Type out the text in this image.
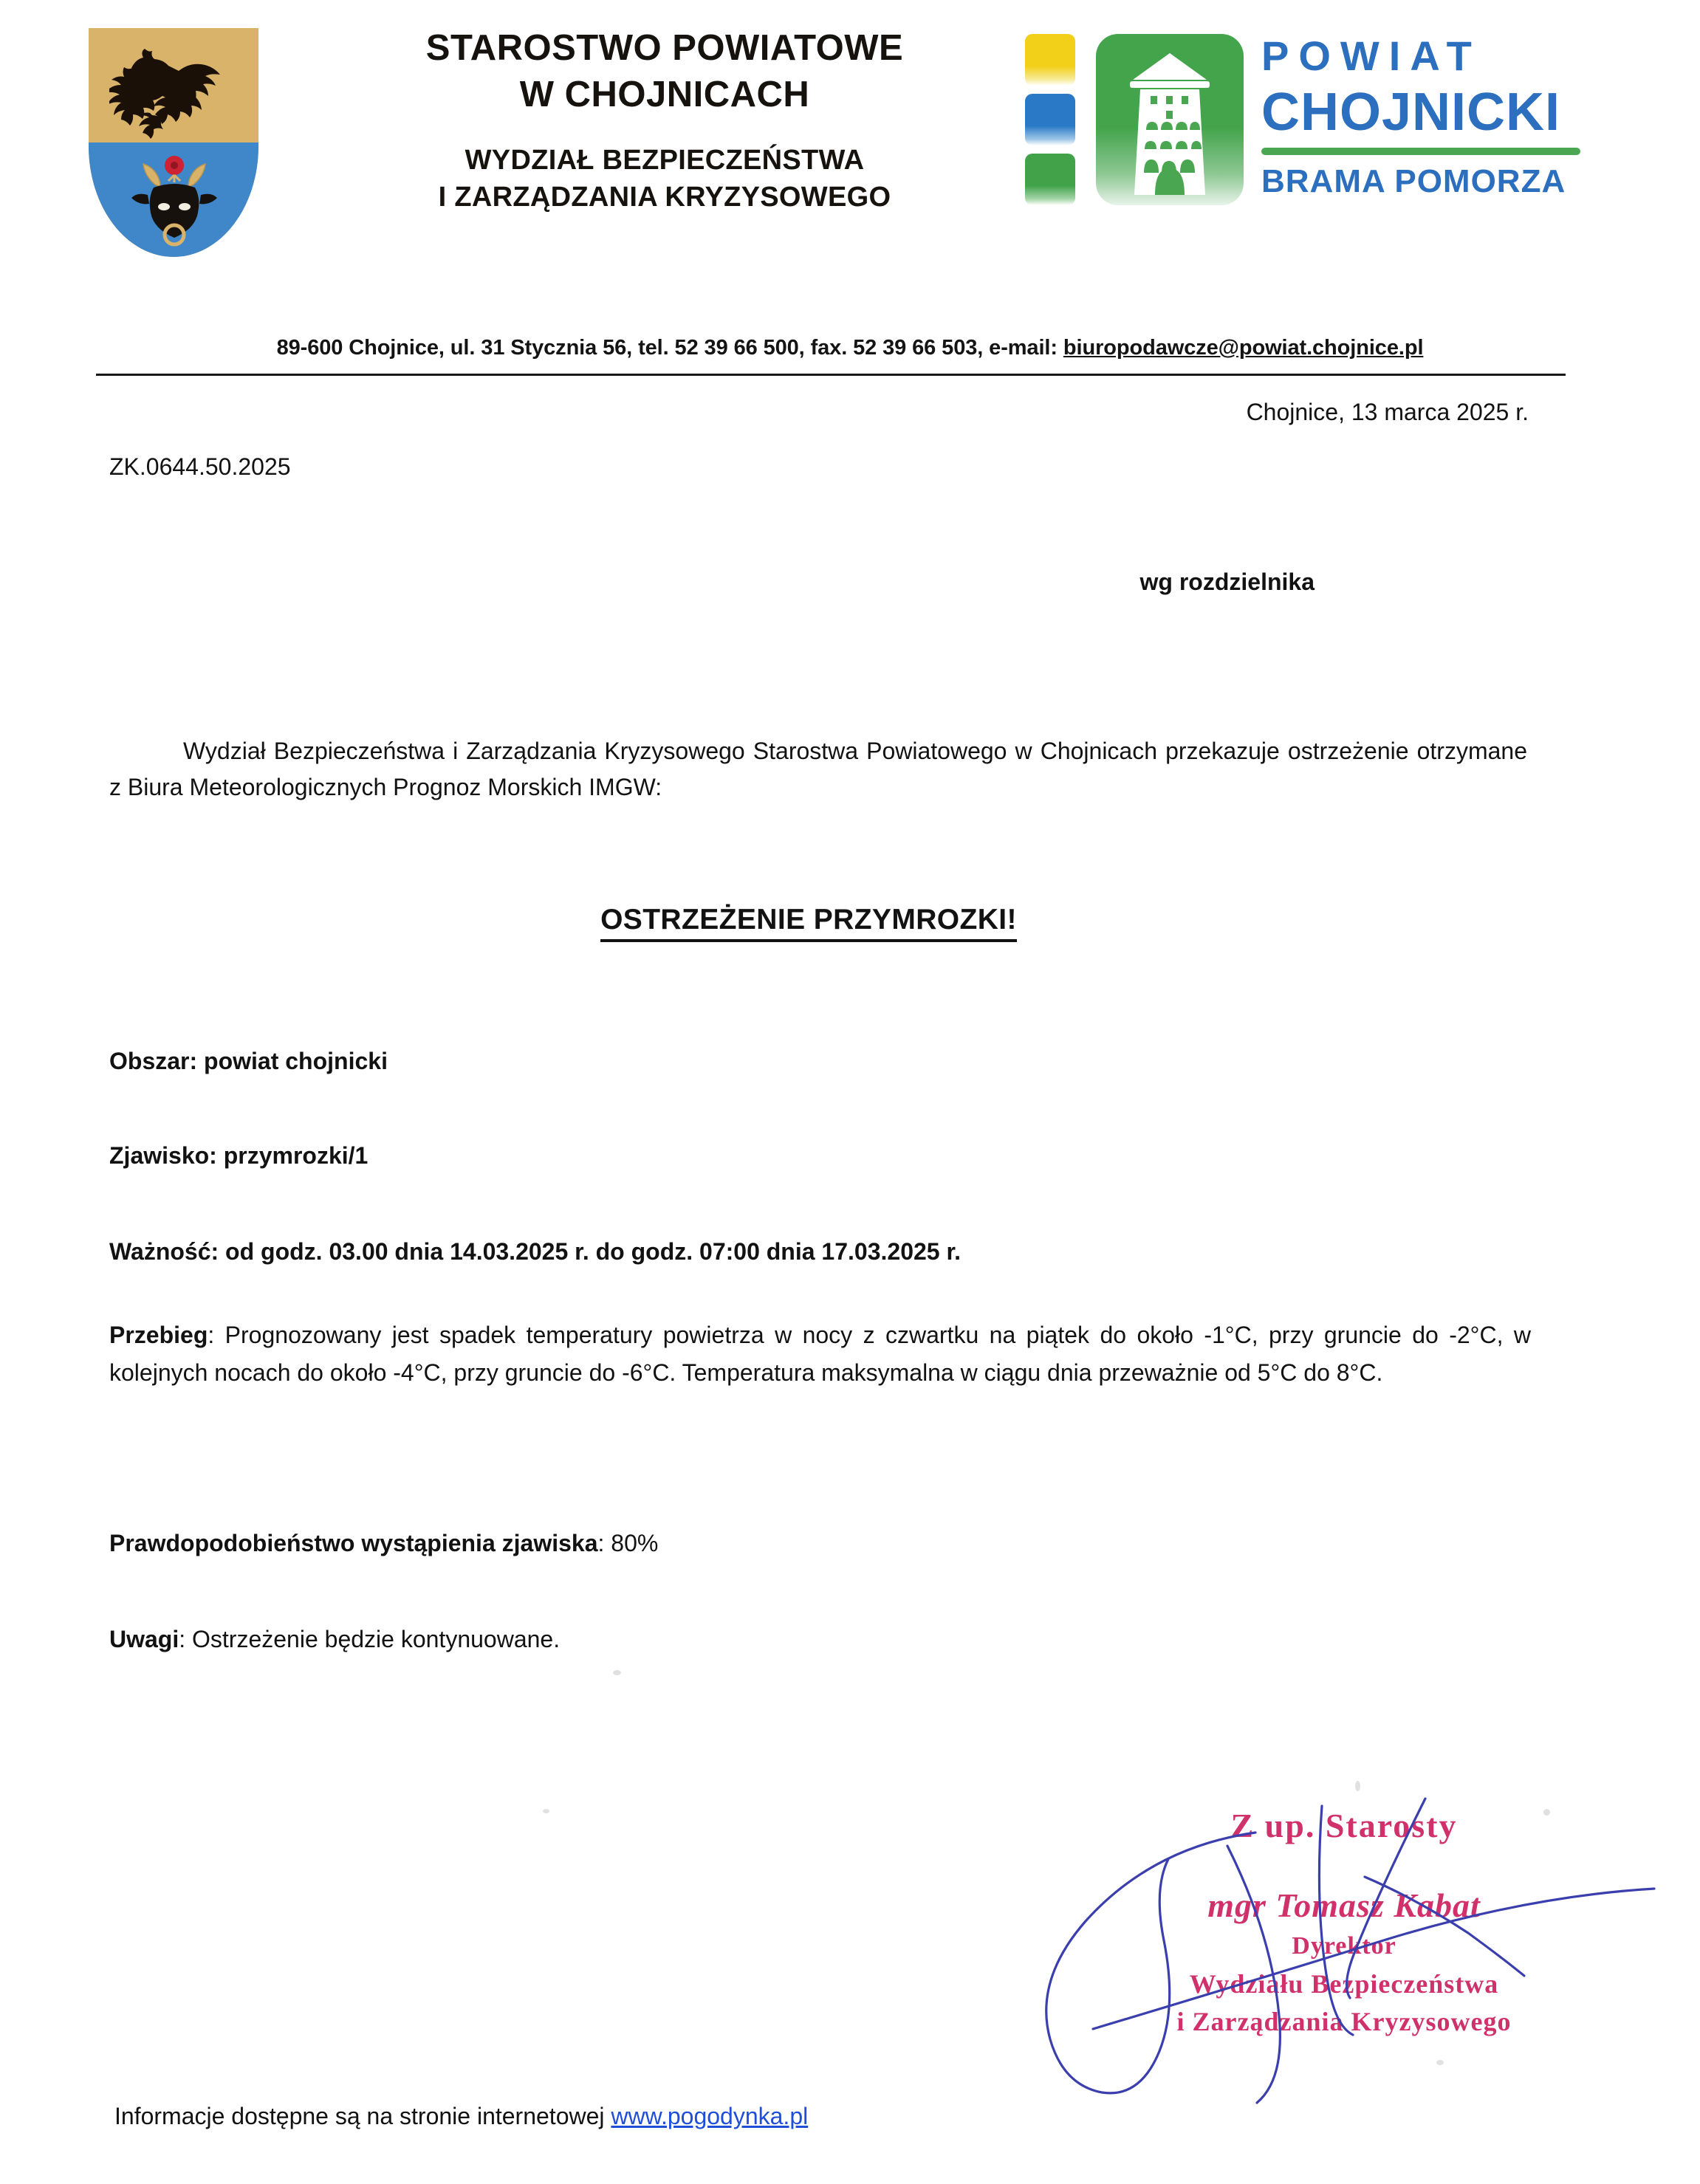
STAROSTWO POWIATOWE
W CHOJNICACH
WYDZIAŁ BEZPIECZEŃSTWA
I ZARZĄDZANIA KRYZYSOWEGO
POWIAT
CHOJNICKI
BRAMA POMORZA
89-600 Chojnice, ul. 31 Stycznia 56, tel. 52 39 66 500, fax. 52 39 66 503, e-mail: biuropodawcze@powiat.chojnice.pl
Chojnice, 13 marca 2025 r.
ZK.0644.50.2025
wg rozdzielnika
Wydział Bezpieczeństwa i Zarządzania Kryzysowego Starostwa Powiatowego w Chojnicach przekazuje ostrzeżenie otrzymane z Biura Meteorologicznych Prognoz Morskich IMGW:
OSTRZEŻENIE PRZYMROZKI!
Obszar: powiat chojnicki
Zjawisko: przymrozki/1
Ważność: od godz. 03.00 dnia 14.03.2025 r. do godz. 07:00 dnia 17.03.2025 r.
Przebieg: Prognozowany jest spadek temperatury powietrza w nocy z czwartku na piątek do około -1°C, przy gruncie do -2°C, w kolejnych nocach do około -4°C, przy gruncie do -6°C. Temperatura maksymalna w ciągu dnia przeważnie od 5°C do 8°C.
Prawdopodobieństwo wystąpienia zjawiska: 80%
Uwagi: Ostrzeżenie będzie kontynuowane.
Z up. Starosty
mgr Tomasz Kabat
Dyrektor
Wydziału Bezpieczeństwa
i Zarządzania Kryzysowego
Informacje dostępne są na stronie internetowej www.pogodynka.pl
